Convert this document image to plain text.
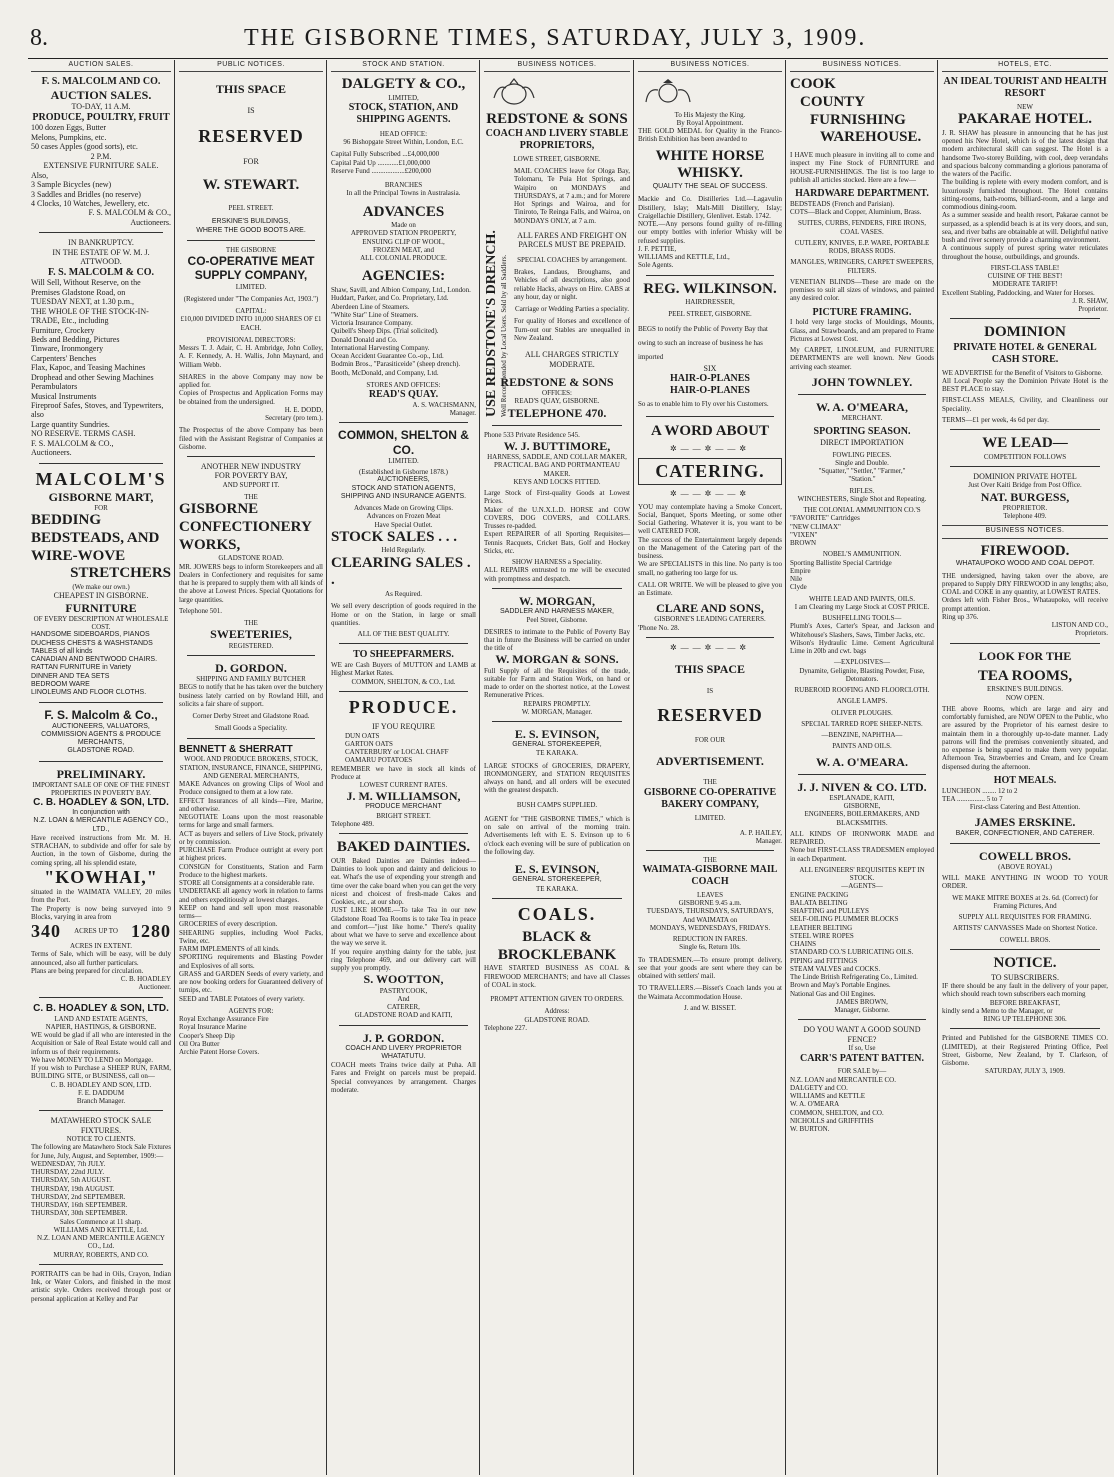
8.	THE GISBORNE TIMES, SATURDAY, JULY 3, 1909.
AUCTION SALES.
F. S. MALCOLM AND CO.
AUCTION SALES.
TO-DAY, 11 A.M.
PRODUCE, POULTRY, FRUIT
100 dozen Eggs, Butter
Melons, Pumpkins, etc.
50 cases Apples (good sorts), etc.
2 P.M.
EXTENSIVE FURNITURE SALE.
Also,
3 Sample Bicycles (new)
3 Saddles and Bridles (no reserve)
4 Clocks, 10 Watches, Jewellery, etc.
F. S. MALCOLM & CO.,
Auctioneers.
IN BANKRUPTCY.
IN THE ESTATE OF W. M. J. ATTWOOD.
F. S. MALCOLM & CO.
Will Sell, Without Reserve, on the Premises Gladstone Road, on
TUESDAY NEXT, at 1.30 p.m.,
THE WHOLE OF THE STOCK-IN-TRADE, Etc., including
Furniture, Crockery
Beds and Bedding, Pictures
Tinware, Ironmongery
Carpenters' Benches
Flax, Kapoc, and Teasing Machines
Drophead and other Sewing Machines
Perambulators
Musical Instruments
Fireproof Safes, Stoves, and Typewriters, also
Large quantity Sundries.
NO RESERVE. TERMS CASH.
F. S. MALCOLM & CO.,
Auctioneers.
MALCOLM'S
GISBORNE MART,
FOR
BEDDING
BEDSTEADS, AND
WIRE-WOVE
STRETCHERS
(We make our own.)
CHEAPEST IN GISBORNE.
FURNITURE
OF EVERY DESCRIPTION AT WHOLESALE COST.
HANDSOME SIDEBOARDS, PIANOS
DUCHESS CHESTS & WASHSTANDS
TABLES of all kinds
CANADIAN AND BENTWOOD CHAIRS.
RATTAN FURNITURE in Variety
DINNER AND TEA SETS
BEDROOM WARE
LINOLEUMS AND FLOOR CLOTHS.
F. S. Malcolm & Co.,
AUCTIONEERS, VALUATORS, COMMISSION AGENTS & PRODUCE MERCHANTS,
GLADSTONE ROAD.
PRELIMINARY.
IMPORTANT SALE OF ONE OF THE FINEST PROPERTIES IN POVERTY BAY.
C. B. HOADLEY & SON, LTD.
In conjunction with
N.Z. LOAN & MERCANTILE AGENCY CO., LTD.,
Have received instructions from Mr. M. H. STRACHAN, to subdivide and offer for sale by Auction, in the town of Gisborne, during the coming spring, all his splendid estate,
"KOWHAI,"
situated in the WAIMATA VALLEY, 20 miles from the Port.
The Property is now being surveyed into 9 Blocks, varying in area from
340 ACRES UP TO 1280
ACRES IN EXTENT.
Terms of Sale, which will be easy, will be duly announced, also all further particulars.
Plans are being prepared for circulation.
C. B. HOADLEY
Auctioneer.
C. B. HOADLEY & SON, LTD.
LAND AND ESTATE AGENTS,
NAPIER, HASTINGS, & GISBORNE.
WE would be glad if all who are interested in the Acquisition or Sale of Real Estate would call and inform us of their requirements.
We have MONEY TO LEND on Mortgage.
If you wish to Purchase a SHEEP RUN, FARM, BUILDING SITE, or BUSINESS, call on—
C. B. HOADLEY AND SON, LTD.
F. E. DADDUM
Branch Manager.
MATAWHERO STOCK SALE FIXTURES.
NOTICE TO CLIENTS.
The following are Matawhero Stock Sale Fixtures for June, July, August, and September, 1909:—
WEDNESDAY, 7th JULY.
THURSDAY, 22nd JULY.
THURSDAY, 5th AUGUST.
THURSDAY, 19th AUGUST.
THURSDAY, 2nd SEPTEMBER.
THURSDAY, 16th SEPTEMBER.
THURSDAY, 30th SEPTEMBER.
Sales Commence at 11 sharp.
WILLIAMS AND KETTLE, Ltd.
N.Z. LOAN AND MERCANTILE AGENCY CO., Ltd.
MURRAY, ROBERTS, AND CO.
PORTRAITS can be had in Oils, Crayon, Indian Ink, or Water Colors, and finished in the most artistic style. Orders received through post or personal application at Kelley and Par
PUBLIC NOTICES.
THIS SPACE
IS
RESERVED
FOR
W. STEWART.
PEEL STREET.
ERSKINE'S BUILDINGS,
WHERE THE GOOD BOOTS ARE.
THE GISBORNE
CO-OPERATIVE MEAT SUPPLY COMPANY,
LIMITED.
(Registered under "The Companies Act, 1903.")
CAPITAL:
£10,000 DIVIDED INTO 10,000 SHARES OF £1 EACH.
PROVISIONAL DIRECTORS:
Messrs T. J. Adair, C. H. Ambridge, John Colley, A. F. Kennedy, A. H. Wallis, John Maynard, and William Webb.
SHARES in the above Company may now be applied for.
Copies of Prospectus and Application Forms may be obtained from the undersigned.
H. E. DODD,
Secretary (pro tem.).
The Prospectus of the above Company has been filed with the Assistant Registrar of Companies at Gisborne.
ANOTHER NEW INDUSTRY
FOR POVERTY BAY,
AND SUPPORT IT.
THE
GISBORNE
CONFECTIONERY
WORKS,
GLADSTONE ROAD.
MR. JOWERS begs to inform Storekeepers and all Dealers in Confectionery and requisites for same that he is prepared to supply them with all kinds of the above at Lowest Prices. Special Quotations for large quantities.
Telephone 501.
THE
SWEETERIES,
REGISTERED.
D. GORDON.
SHIPPING AND FAMILY BUTCHER
BEGS to notify that he has taken over the butchery business lately carried on by Rowland Hill, and solicits a fair share of support.
Corner Derby Street and Gladstone Road.
Small Goods a Speciality.
BENNETT & SHERRATT
WOOL AND PRODUCE BROKERS, STOCK, STATION, INSURANCE, FINANCE, SHIPPING, AND GENERAL MERCHANTS,
MAKE Advances on growing Clips of Wool and Produce consigned to them at a low rate.
EFFECT Insurances of all kinds—Fire, Marine, and otherwise.
NEGOTIATE Loans upon the most reasonable terms for large and small farmers.
ACT as buyers and sellers of Live Stock, privately or by commission.
PURCHASE Farm Produce outright at every port at highest prices.
CONSIGN for Constituents, Station and Farm Produce to the highest markets.
STORE all Consignments at a considerable rate.
UNDERTAKE all agency work in relation to farms and others expeditiously at lowest charges.
KEEP on hand and sell upon most reasonable terms—
GROCERIES of every description.
SHEARING supplies, including Wool Packs, Twine, etc.
FARM IMPLEMENTS of all kinds.
SPORTING requirements and Blasting Powder and Explosives of all sorts.
GRASS and GARDEN Seeds of every variety, and are now booking orders for Guaranteed delivery of turnips, etc.
SEED and TABLE Potatoes of every variety.
AGENTS FOR:
Royal Exchange Assurance Fire
Royal Insurance Marine
Cooper's Sheep Dip
Oil Ora Butter
Archie Patent Horse Covers.
STOCK AND STATION.
DALGETY & CO.,
LIMITED,
STOCK, STATION, AND SHIPPING AGENTS.
HEAD OFFICE:
96 Bishopgate Street Within, London, E.C.
Capital Fully Subscribed ...£4,000,000
Capital Paid Up ............£1,000,000
Reserve Fund ...................£200,000
BRANCHES
In all the Principal Towns in Australasia.
ADVANCES
Made on
APPROVED STATION PROPERTY,
ENSUING CLIP OF WOOL,
FROZEN MEAT, and
ALL COLONIAL PRODUCE.
AGENCIES:
Shaw, Savill, and Albion Company, Ltd., London.
Huddart, Parker, and Co. Proprietary, Ltd.
Aberdeen Line of Steamers.
"White Star" Line of Steamers.
Victoria Insurance Company.
Quibell's Sheep Dips. (Trial solicited).
Donald Donald and Co.
International Harvesting Company.
Ocean Accident Guarantee Co.-op., Ltd.
Bodmin Bros., "Parasiticeide" (sheep drench).
Booth, McDonald, and Company, Ltd.
STORES AND OFFICES:
READ'S QUAY.
A. S. WACHSMANN,
Manager.
COMMON, SHELTON & CO.
LIMITED.
(Established in Gisborne 1878.)
AUCTIONEERS,
STOCK AND STATION AGENTS,
SHIPPING AND INSURANCE AGENTS.
Advances Made on Growing Clips.
Advances on Frozen Meat
Have Special Outlet.
STOCK SALES . . .
Held Regularly.
CLEARING SALES . .
As Required.
We sell every description of goods required in the Home or on the Station, in large or small quantities.
ALL OF THE BEST QUALITY.
TO SHEEPFARMERS.
WE are Cash Buyers of MUTTON and LAMB at Highest Market Rates.
COMMON, SHELTON, & CO., Ltd.
PRODUCE.
IF YOU REQUIRE
DUN OATS
GARTON OATS
CANTERBURY or LOCAL CHAFF
OAMARU POTATOES
REMEMBER we have in stock all kinds of Produce at
LOWEST CURRENT RATES.
J. M. WILLIAMSON,
PRODUCE MERCHANT
BRIGHT STREET.
Telephone 489.
BAKED DAINTIES.
OUR Baked Dainties are Dainties indeed—Dainties to look upon and dainty and delicious to eat. What's the use of expending your strength and time over the cake board when you can get the very nicest and choicest of fresh-made Cakes and Cookies, etc., at our shop.
JUST LIKE HOME.—To take Tea in our new Gladstone Road Tea Rooms is to take Tea in peace and comfort—"just like home." There's quality about what we have to serve and excellence about the way we serve it.
If you require anything dainty for the table, just ring Telephone 469, and our delivery cart will supply you promptly.
S. WOOTTON,
PASTRYCOOK,
And
CATERER,
GLADSTONE ROAD and KAITI,
J. P. GORDON.
COACH AND LIVERY PROPRIETOR
WHATATUTU.
COACH meets Trains twice daily at Puha. All Fares and Freight on parcels must be prepaid. Special conveyances by arrangement. Charges moderate.
BUSINESS NOTICES.
REDSTONE & SONS
COACH AND LIVERY STABLE PROPRIETORS,
LOWE STREET, GISBORNE.
USE REDSTONE'S DRENCH. Well Recommended by Local Users. Sold by all Saddlers.
MAIL COACHES leave for Ologa Bay, Tolomaru, Te Puia Hot Springs, and Waipiro on MONDAYS and THURSDAYS, at 7 a.m.; and for Morere Hot Springs and Wairoa, and for Tiniroto, Te Reinga Falls, and Wairoa, on MONDAYS ONLY, at 7 a.m.
ALL FARES AND FREIGHT ON PARCELS MUST BE PREPAID.
SPECIAL COACHES by arrangement.
Brakes, Landaus, Broughams, and Vehicles of all descriptions, also good reliable Hacks, always on Hire. CABS at any hour, day or night.
Carriage or Wedding Parties a speciality.
For quality of Horses and excellence of Turn-out our Stables are unequalled in New Zealand.
ALL CHARGES STRICTLY MODERATE.
REDSTONE & SONS
OFFICES:
READ'S QUAY, GISBORNE.
TELEPHONE 470.
Phone 533 Private Residence 545.
W. J. BUTTIMORE,
HARNESS, SADDLE, AND COLLAR MAKER, PRACTICAL BAG AND PORTMANTEAU MAKER.
KEYS AND LOCKS FITTED.
Large Stock of First-quality Goods at Lowest Prices.
Maker of the U.N.X.L.D. HORSE and COW COVERS, DOG COVERS, and COLLARS. Trusses re-padded.
Expert REPAIRER of all Sporting Requisites—Tennis Racquets, Cricket Bats, Golf and Hockey Sticks, etc.
SHOW HARNESS a Speciality.
ALL REPAIRS entrusted to me will be executed with promptness and despatch.
W. MORGAN,
SADDLER AND HARNESS MAKER,
Peel Street, Gisborne.
DESIRES to intimate to the Public of Poverty Bay that in future the Business will be carried on under the title of
W. MORGAN & SONS.
Full Supply of all the Requisites of the trade, suitable for Farm and Station Work, on hand or made to order on the shortest notice, at the Lowest Remunerative Prices.
REPAIRS PROMPTLY.
W. MORGAN, Manager.
E. S. EVINSON,
GENERAL STOREKEEPER,
TE KARAKA.
LARGE STOCKS of GROCERIES, DRAPERY, IRONMONGERY, and STATION REQUISITES always on hand, and all orders will be executed with the greatest despatch.
BUSH CAMPS SUPPLIED.
AGENT for "THE GISBORNE TIMES," which is on sale on arrival of the morning train. Advertisements left with E. S. Evinson up to 6 o'clock each evening will be sure of publication on the following day.
E. S. EVINSON,
GENERAL STOREKEEPER,
TE KARAKA.
COALS.
BLACK & BROCKLEBANK
HAVE STARTED BUSINESS AS COAL & FIREWOOD MERCHANTS; and have all Classes of COAL in stock.
PROMPT ATTENTION GIVEN TO ORDERS.
Address:
GLADSTONE ROAD.
Telephone 227.
BUSINESS NOTICES.
To His Majesty the King.
By Royal Appointment.
THE GOLD MEDAL for Quality in the Franco-British Exhibition has been awarded to
WHITE HORSE WHISKY.
QUALITY THE SEAL OF SUCCESS.
Mackie and Co. Distilleries Ltd.—Lagavulin Distillery, Islay; Malt-Mill Distillery, Islay; Craigellachie Distillery, Glenlivet. Estab. 1742.
NOTE.—Any persons found guilty of re-filling our empty bottles with inferior Whisky will be refused supplies.
J. F. PETTIE,
WILLIAMS and KETTLE, Ltd.,
Sole Agents.
REG. WILKINSON.
HAIRDRESSER,
PEEL STREET, GISBORNE.
BEGS to notify the Public of Poverty Bay that owing to such an increase of business he has imported
SIX
HAIR-O-PLANES
HAIR-O-PLANES
So as to enable him to Fly over his Customers.
A WORD ABOUT
✲——✲——✲
CATERING.
✲——✲——✲
YOU may contemplate having a Smoke Concert, Social, Banquet, Sports Meeting, or some other Social Gathering. Whatever it is, you want to be well CATERED FOR.
The success of the Entertainment largely depends on the Management of the Catering part of the business.
We are SPECIALISTS in this line. No party is too small, no gathering too large for us.
CALL OR WRITE. We will be pleased to give you an Estimate.
CLARE AND SONS,
GISBORNE'S LEADING CATERERS.
'Phone No. 28.
✲——✲——✲
THIS SPACE
IS
RESERVED
FOR OUR
ADVERTISEMENT.
THE
GISBORNE CO-OPERATIVE BAKERY COMPANY,
LIMITED.
A. P. HAILEY,
Manager.
THE
WAIMATA-GISBORNE MAIL COACH
LEAVES
GISBORNE 9.45 a.m.
TUESDAYS, THURSDAYS, SATURDAYS,
And WAIMATA on
MONDAYS, WEDNESDAYS, FRIDAYS.
REDUCTION IN FARES.
Single 6s, Return 10s.
To TRADESMEN.—To ensure prompt delivery, see that your goods are sent where they can be obtained with settlers' mail.
TO TRAVELLERS.—Bisset's Coach lands you at the Waimata Accommodation House.
J. and W. BISSET.
BUSINESS NOTICES.
COOK
COUNTY
FURNISHING
WAREHOUSE.
I HAVE much pleasure in inviting all to come and inspect my Fine Stock of FURNITURE and HOUSE-FURNISHINGS. The list is too large to publish all articles stocked. Here are a few—
HARDWARE DEPARTMENT.
BEDSTEADS (French and Parisian).
COTS—Black and Copper, Aluminium, Brass.
SUITES, CURBS, FENDERS, FIRE IRONS, COAL VASES.
CUTLERY, KNIVES, E.P. WARE, PORTABLE RODS, BRASS RODS.
MANGLES, WRINGERS, CARPET SWEEPERS, FILTERS.
VENETIAN BLINDS—These are made on the premises to suit all sizes of windows, and painted any desired color.
PICTURE FRAMING.
I hold very large stocks of Mouldings, Mounts, Glass, and Strawboards, and am prepared to Frame Pictures at Lowest Cost.
My CARPET, LINOLEUM, and FURNITURE DEPARTMENTS are well known. New Goods arriving each steamer.
JOHN TOWNLEY.
W. A. O'MEARA,
MERCHANT.
SPORTING SEASON.
DIRECT IMPORTATION
FOWLING PIECES.
Single and Double.
"Squatter," "Settler," "Farmer,"
"Station."
RIFLES.
WINCHESTERS, Single Shot and Repeating.
THE COLONIAL AMMUNITION CO.'S
"FAVORITE" Cartridges
"NEW CLIMAX"
"VIXEN"
BROWN
NOBEL'S AMMUNITION.
Sporting Ballistite Special Cartridge
Empire
Nile
Clyde
WHITE LEAD AND PAINTS, OILS.
I am Clearing my Large Stock at COST PRICE.
BUSHFELLING TOOLS—
Plumb's Axes, Carter's Spear, and Jackson and Whitehouse's Slashers, Saws, Timber Jacks, etc.
Wilson's Hydraulic Lime. Cement Agricultural Lime in 20lb and cwt. bags
—EXPLOSIVES—
Dynamite, Gelignite, Blasting Powder, Fuse, Detonators.
RUBEROID ROOFING AND FLOORCLOTH.
ANGLE LAMPS.
OLIVER PLOUGHS.
SPECIAL TARRED ROPE SHEEP-NETS.
—BENZINE, NAPHTHA—
PAINTS AND OILS.
W. A. O'MEARA.
J. J. NIVEN & CO. LTD.
ESPLANADE, KAITI,
GISBORNE,
ENGINEERS, BOILERMAKERS, AND BLACKSMITHS.
ALL KINDS OF IRONWORK MADE and REPAIRED.
None but FIRST-CLASS TRADESMEN employed in each Department.
ALL ENGINEERS' REQUISITES KEPT IN STOCK.
—AGENTS—
ENGINE PACKING
BALATA BELTING
SHAFTING and PULLEYS
SELF-OILING PLUMMER BLOCKS
LEATHER BELTING
STEEL WIRE ROPES
CHAINS
STANDARD CO.'S LUBRICATING OILS.
PIPING and FITTINGS
STEAM VALVES and COCKS.
The Linde British Refrigerating Co., Limited.
Brown and May's Portable Engines.
National Gas and Oil Engines.
JAMES BROWN,
Manager, Gisborne.
DO YOU WANT A GOOD SOUND FENCE?
If so, Use
CARR'S PATENT BATTEN.
FOR SALE by—
N.Z. LOAN and MERCANTILE CO.
DALGETY and CO.
WILLIAMS and KETTLE
W. A. O'MEARA
COMMON, SHELTON, and CO.
NICHOLLS and GRIFFITHS
W. BURTON.
HOTELS, ETC.
AN IDEAL TOURIST AND HEALTH RESORT
NEW
PAKARAE HOTEL.
J. R. SHAW has pleasure in announcing that he has just opened his New Hotel, which is of the latest design that modern architectural skill can suggest. The Hotel is a handsome Two-storey Building, with cool, deep verandahs and spacious balcony commanding a glorious panorama of the waters of the Pacific.
The building is replete with every modern comfort, and is luxuriously furnished throughout. The Hotel contains sitting-rooms, bath-rooms, billiard-room, and a large and commodious dining-room.
As a summer seaside and health resort, Pakarae cannot be surpassed, as a splendid beach is at its very doors, and sun, sea, and river baths are obtainable at will. Delightful native bush and river scenery provide a charming environment.
A continuous supply of purest spring water reticulates throughout the house, outbuildings, and grounds.
FIRST-CLASS TABLE!
CUISINE OF THE BEST!
MODERATE TARIFF!
Excellent Stabling, Paddocking, and Water for Horses.
J. R. SHAW,
Proprietor.
DOMINION
PRIVATE HOTEL & GENERAL CASH STORE.
WE ADVERTISE for the Benefit of Visitors to Gisborne.
All Local People say the Dominion Private Hotel is the BEST PLACE to stay.
FIRST-CLASS MEALS, Civility, and Cleanliness our Speciality.
TERMS—£1 per week, 4s 6d per day.
WE LEAD—
COMPETITION FOLLOWS
DOMINION PRIVATE HOTEL
Just Over Kaiti Bridge from Post Office.
NAT. BURGESS,
PROPRIETOR.
Telephone 409.
BUSINESS NOTICES.
FIREWOOD.
WHATAUPOKO WOOD AND COAL DEPOT.
THE undersigned, having taken over the above, are prepared to Supply DRY FIREWOOD in any lengths; also, COAL and COKE in any quantity, at LOWEST RATES.
Orders left with Fisher Bros., Whataupoko, will receive prompt attention.
Ring up 376.
LISTON AND CO.,
Proprietors.
LOOK FOR THE
TEA ROOMS,
ERSKINE'S BUILDINGS.
NOW OPEN.
THE above Rooms, which are large and airy and comfortably furnished, are NOW OPEN to the Public, who are assured by the Proprietor of his earnest desire to maintain them in a thoroughly up-to-date manner. Lady patrons will find the premises conveniently situated, and no expense is being spared to make them very popular. Afternoon Tea, Strawberries and Cream, and Ice Cream dispensed during the afternoon.
HOT MEALS.
LUNCHEON ........ 12 to 2
TEA ................ 5 to 7
First-class Catering and Best Attention.
JAMES ERSKINE.
BAKER, CONFECTIONER, AND CATERER.
COWELL BROS.
(ABOVE ROYAL)
WILL MAKE ANYTHING IN WOOD TO YOUR ORDER.
WE MAKE MITRE BOXES at 2s. 6d. (Correct) for Framing Pictures, And
SUPPLY ALL REQUISITES FOR FRAMING.
ARTISTS' CANVASSES Made on Shortest Notice.
COWELL BROS.
NOTICE.
TO SUBSCRIBERS.
IF there should be any fault in the delivery of your paper, which should reach town subscribers each morning
BEFORE BREAKFAST,
kindly send a Memo to the Manager, or
RING UP TELEPHONE 306.
Printed and Published for the GISBORNE TIMES CO. (LIMITED), at their Registered Printing Office, Peel Street, Gisborne, New Zealand, by T. Clarkson, of Gisborne.
SATURDAY, JULY 3, 1909.
